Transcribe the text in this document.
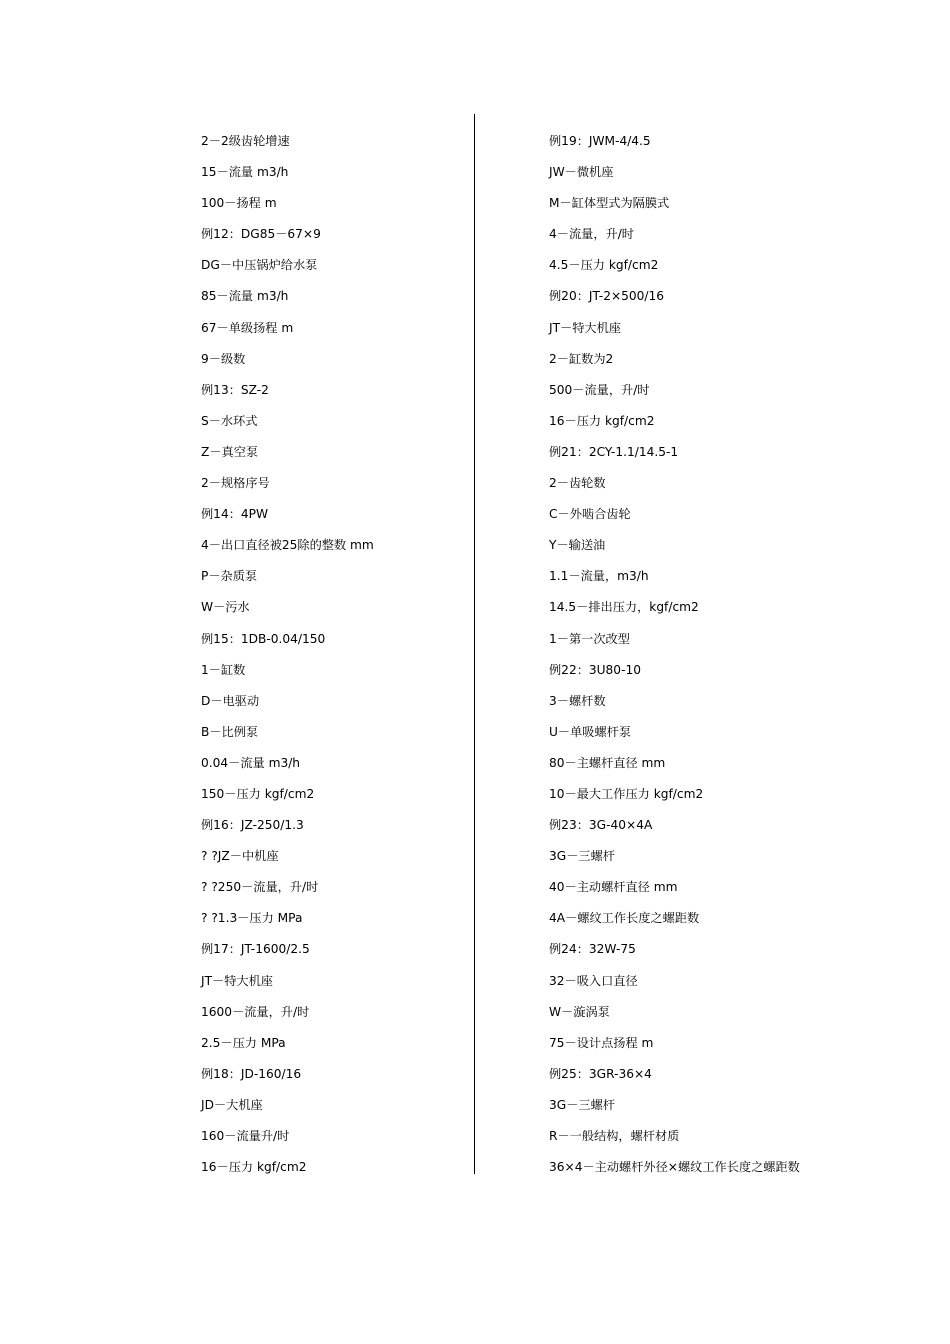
2－2级齿轮增速
15－流量 m3/h
100－扬程 m
例12：DG85－67×9
DG－中压锅炉给水泵
85－流量 m3/h
67－单级扬程 m
9－级数
例13：SZ-2
S－水环式
Z－真空泵
2－规格序号
例14：4PW
4－出口直径被25除的整数 mm
P－杂质泵
W－污水
例15：1DB-0.04/150
1－缸数
D－电驱动
B－比例泵
0.04－流量 m3/h
150－压力 kgf/cm2
例16：JZ-250/1.3
? ?JZ－中机座
? ?250－流量，升/时
? ?1.3－压力 MPa
例17：JT-1600/2.5
JT－特大机座
1600－流量，升/时
2.5－压力 MPa
例18：JD-160/16
JD－大机座
160－流量升/时
16－压力 kgf/cm2
例19：JWM-4/4.5
JW－微机座
M－缸体型式为隔膜式
4－流量，升/时
4.5－压力 kgf/cm2
例20：JT-2×500/16
JT－特大机座
2－缸数为2
500－流量，升/时
16－压力 kgf/cm2
例21：2CY-1.1/14.5-1
2－齿轮数
C－外啮合齿轮
Y－输送油
1.1－流量，m3/h
14.5－排出压力，kgf/cm2
1－第一次改型
例22：3U80-10
3－螺杆数
U－单吸螺杆泵
80－主螺杆直径 mm
10－最大工作压力 kgf/cm2
例23：3G-40×4A
3G－三螺杆
40－主动螺杆直径 mm
4A－螺纹工作长度之螺距数
例24：32W-75
32－吸入口直径
W－漩涡泵
75－设计点扬程 m
例25：3GR-36×4
3G－三螺杆
R－一般结构，螺杆材质
36×4－主动螺杆外径×螺纹工作长度之螺距数
